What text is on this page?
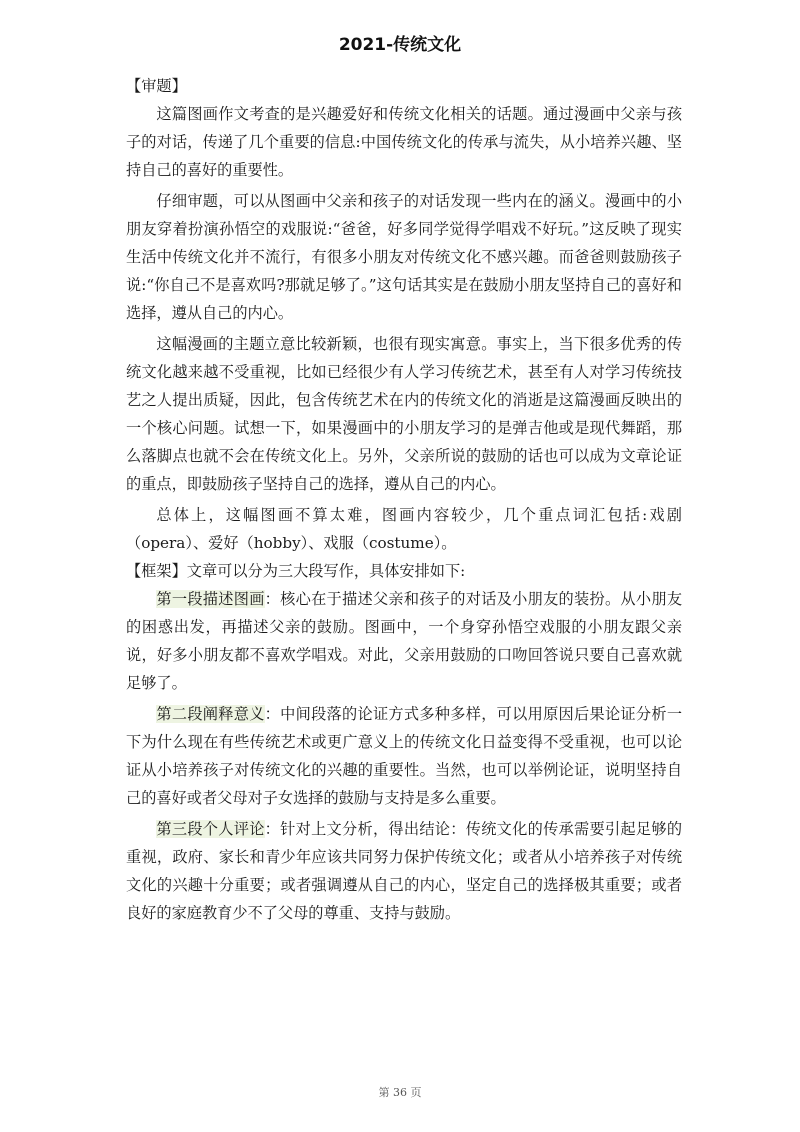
2021-传统文化

【审题】

这篇图画作文考查的是兴趣爱好和传统文化相关的话题。通过漫画中父亲与孩子的对话，传递了几个重要的信息:中国传统文化的传承与流失，从小培养兴趣、坚持自己的喜好的重要性。

仔细审题，可以从图画中父亲和孩子的对话发现一些内在的涵义。漫画中的小朋友穿着扮演孙悟空的戏服说:“爸爸，好多同学觉得学唱戏不好玩。”这反映了现实生活中传统文化并不流行，有很多小朋友对传统文化不感兴趣。而爸爸则鼓励孩子说:“你自己不是喜欢吗?那就足够了。”这句话其实是在鼓励小朋友坚持自己的喜好和选择，遵从自己的内心。

这幅漫画的主题立意比较新颖，也很有现实寓意。事实上，当下很多优秀的传统文化越来越不受重视，比如已经很少有人学习传统艺术，甚至有人对学习传统技艺之人提出质疑，因此，包含传统艺术在内的传统文化的消逝是这篇漫画反映出的一个核心问题。试想一下，如果漫画中的小朋友学习的是弹吉他或是现代舞蹈，那么落脚点也就不会在传统文化上。另外，父亲所说的鼓励的话也可以成为文章论证的重点，即鼓励孩子坚持自己的选择，遵从自己的内心。

总体上，这幅图画不算太难，图画内容较少，几个重点词汇包括:戏剧（opera）、爱好（hobby）、戏服（costume）。

【框架】文章可以分为三大段写作，具体安排如下:

第一段描述图画：核心在于描述父亲和孩子的对话及小朋友的装扮。从小朋友的困惑出发，再描述父亲的鼓励。图画中，一个身穿孙悟空戏服的小朋友跟父亲说，好多小朋友都不喜欢学唱戏。对此，父亲用鼓励的口吻回答说只要自己喜欢就足够了。

第二段阐释意义：中间段落的论证方式多种多样，可以用原因后果论证分析一下为什么现在有些传统艺术或更广意义上的传统文化日益变得不受重视，也可以论证从小培养孩子对传统文化的兴趣的重要性。当然，也可以举例论证，说明坚持自己的喜好或者父母对子女选择的鼓励与支持是多么重要。

第三段个人评论：针对上文分析，得出结论：传统文化的传承需要引起足够的重视，政府、家长和青少年应该共同努力保护传统文化；或者从小培养孩子对传统文化的兴趣十分重要；或者强调遵从自己的内心，坚定自己的选择极其重要；或者良好的家庭教育少不了父母的尊重、支持与鼓励。

第 36 页
